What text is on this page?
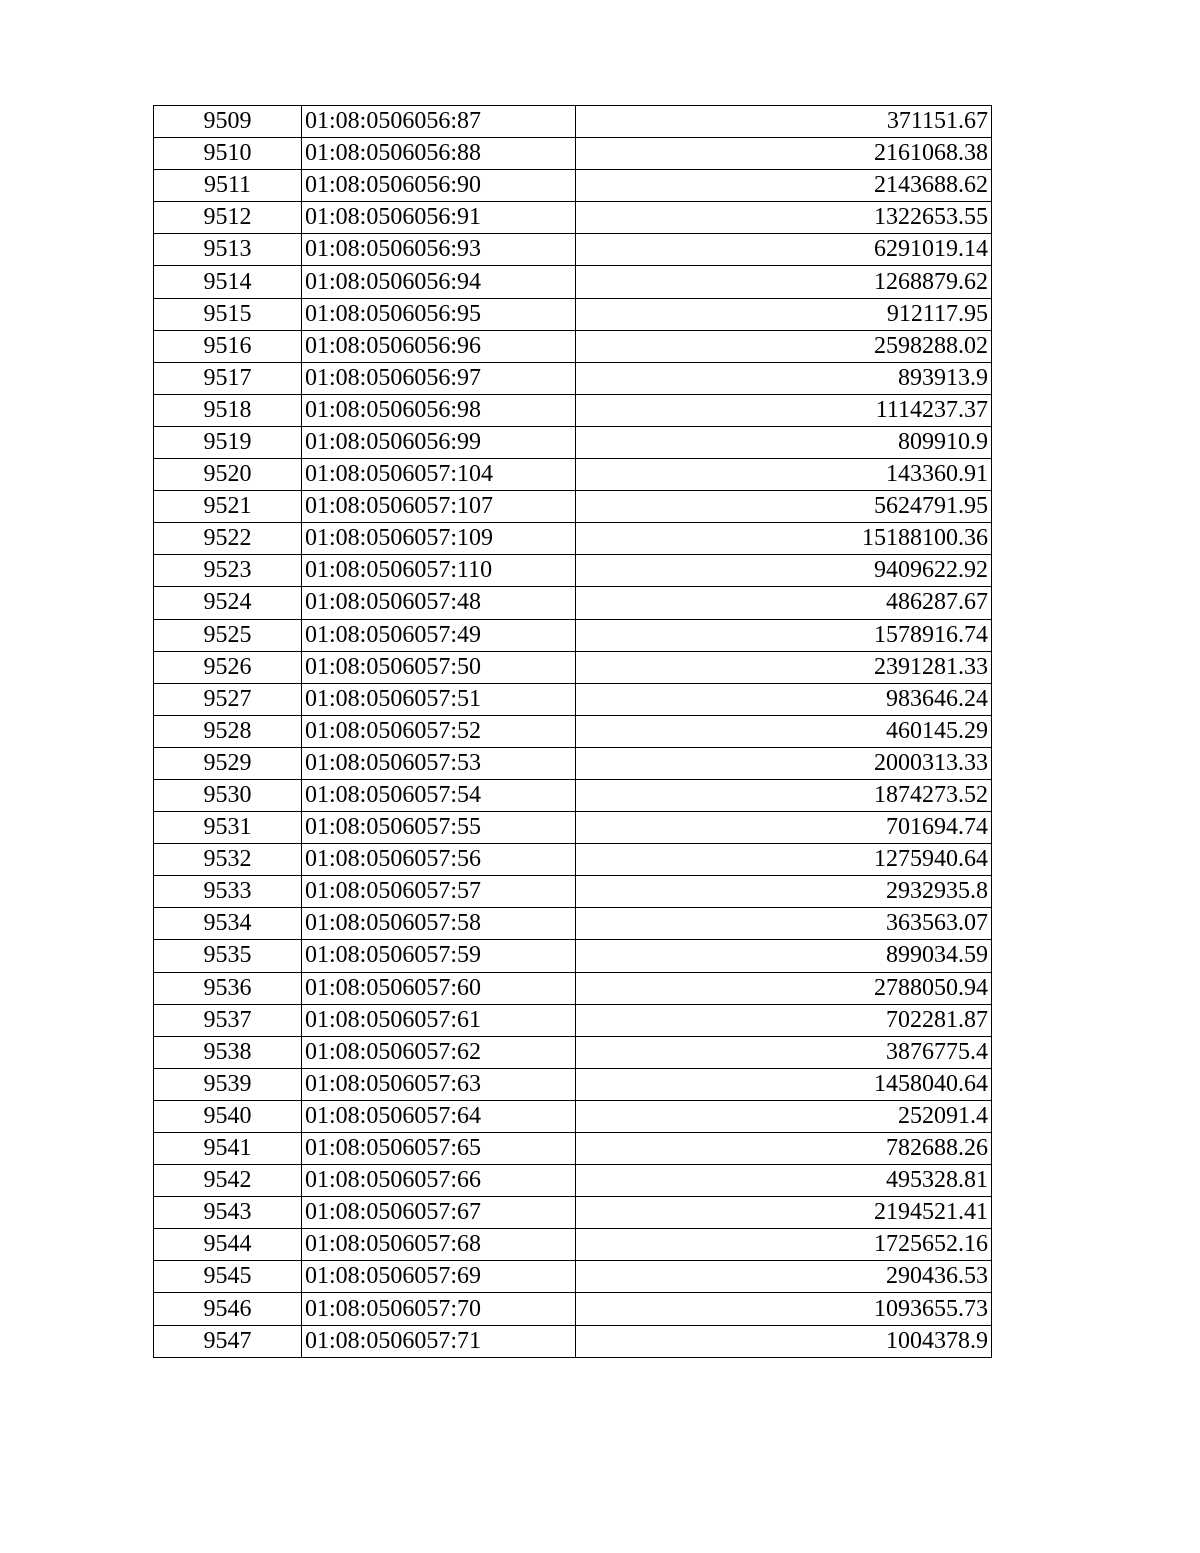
9509	01:08:0506056:87	371151.67
9510	01:08:0506056:88	2161068.38
9511	01:08:0506056:90	2143688.62
9512	01:08:0506056:91	1322653.55
9513	01:08:0506056:93	6291019.14
9514	01:08:0506056:94	1268879.62
9515	01:08:0506056:95	912117.95
9516	01:08:0506056:96	2598288.02
9517	01:08:0506056:97	893913.9
9518	01:08:0506056:98	1114237.37
9519	01:08:0506056:99	809910.9
9520	01:08:0506057:104	143360.91
9521	01:08:0506057:107	5624791.95
9522	01:08:0506057:109	15188100.36
9523	01:08:0506057:110	9409622.92
9524	01:08:0506057:48	486287.67
9525	01:08:0506057:49	1578916.74
9526	01:08:0506057:50	2391281.33
9527	01:08:0506057:51	983646.24
9528	01:08:0506057:52	460145.29
9529	01:08:0506057:53	2000313.33
9530	01:08:0506057:54	1874273.52
9531	01:08:0506057:55	701694.74
9532	01:08:0506057:56	1275940.64
9533	01:08:0506057:57	2932935.8
9534	01:08:0506057:58	363563.07
9535	01:08:0506057:59	899034.59
9536	01:08:0506057:60	2788050.94
9537	01:08:0506057:61	702281.87
9538	01:08:0506057:62	3876775.4
9539	01:08:0506057:63	1458040.64
9540	01:08:0506057:64	252091.4
9541	01:08:0506057:65	782688.26
9542	01:08:0506057:66	495328.81
9543	01:08:0506057:67	2194521.41
9544	01:08:0506057:68	1725652.16
9545	01:08:0506057:69	290436.53
9546	01:08:0506057:70	1093655.73
9547	01:08:0506057:71	1004378.9
